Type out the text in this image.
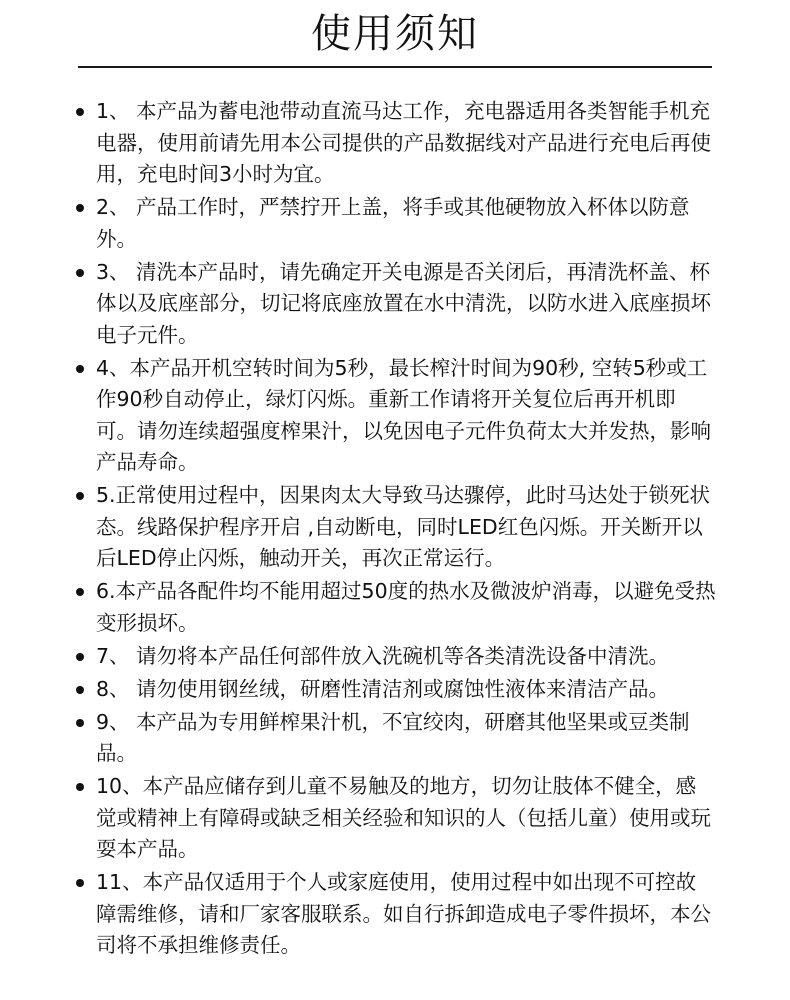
使用须知
1、 本产品为蓄电池带动直流马达工作，充电器适用各类智能手机充电器，使用前请先用本公司提供的产品数据线对产品进行充电后再使用，充电时间3小时为宜。
2、 产品工作时，严禁拧开上盖，将手或其他硬物放入杯体以防意外。
3、 清洗本产品时，请先确定开关电源是否关闭后，再清洗杯盖、杯体以及底座部分，切记将底座放置在水中清洗，以防水进入底座损坏电子元件。
4、本产品开机空转时间为5秒，最长榨汁时间为90秒, 空转5秒或工作90秒自动停止，绿灯闪烁。重新工作请将开关复位后再开机即可。请勿连续超强度榨果汁，以免因电子元件负荷太大并发热，影响产品寿命。
5.正常使用过程中，因果肉太大导致马达骤停，此时马达处于锁死状态。线路保护程序开启 ,自动断电，同时LED红色闪烁。开关断开以后LED停止闪烁，触动开关，再次正常运行。
6.本产品各配件均不能用超过50度的热水及微波炉消毒，以避免受热变形损坏。
7、 请勿将本产品任何部件放入洗碗机等各类清洗设备中清洗。
8、 请勿使用钢丝绒，研磨性清洁剂或腐蚀性液体来清洁产品。
9、 本产品为专用鲜榨果汁机，不宜绞肉，研磨其他坚果或豆类制品。
10、本产品应储存到儿童不易触及的地方，切勿让肢体不健全，感觉或精神上有障碍或缺乏相关经验和知识的人（包括儿童）使用或玩耍本产品。
11、本产品仅适用于个人或家庭使用，使用过程中如出现不可控故障需维修，请和厂家客服联系。如自行拆卸造成电子零件损坏，本公司将不承担维修责任。
